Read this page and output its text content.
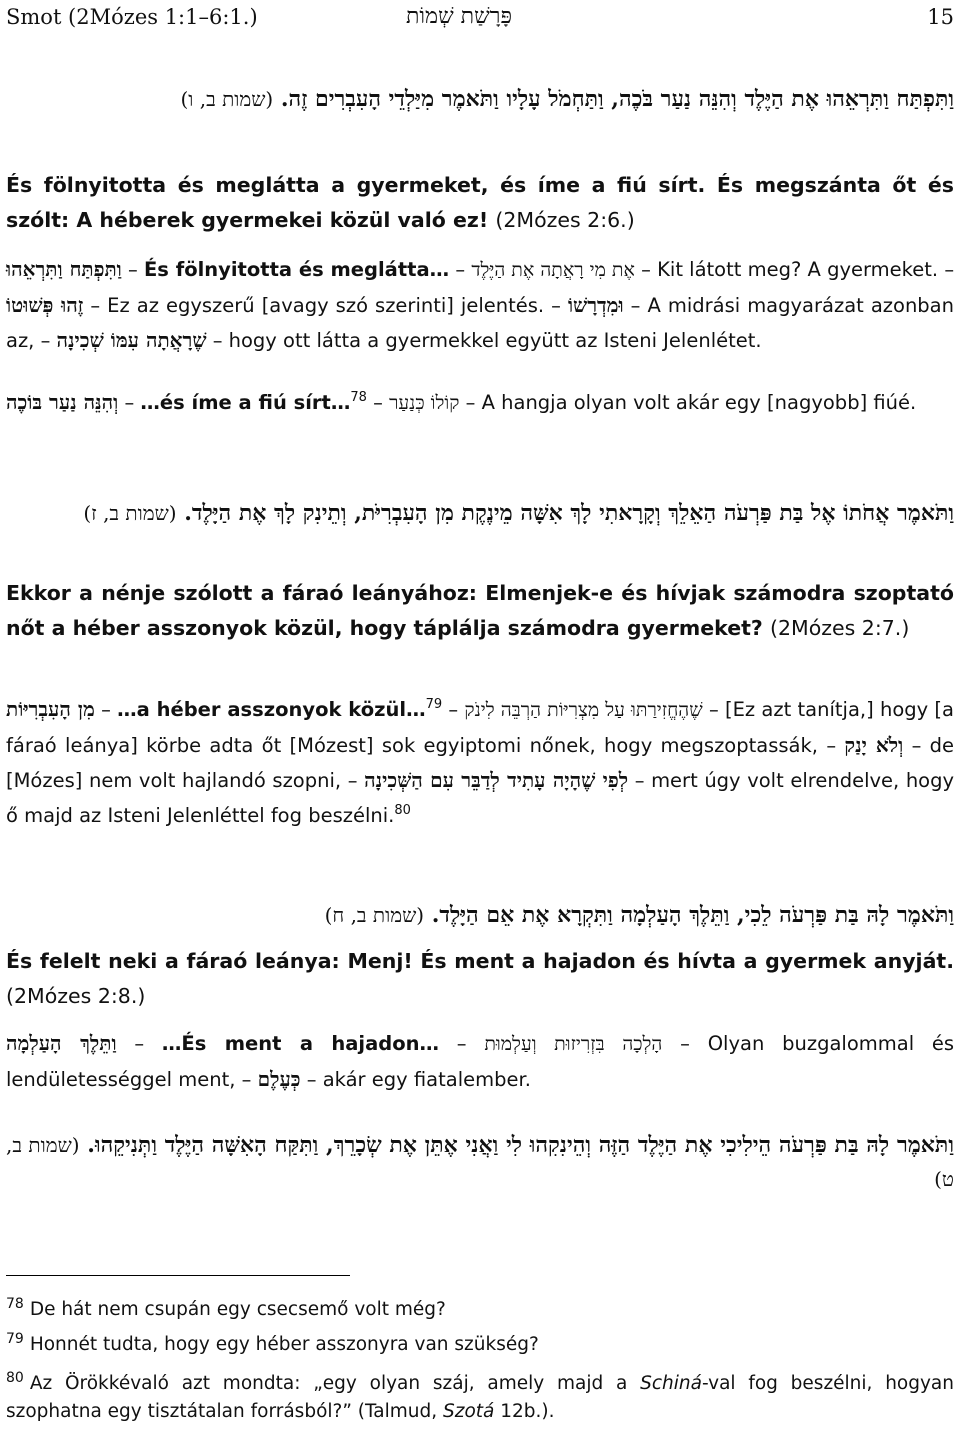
Smot (2Mózes 1:1–6:1.)	פָּרָשַׁת שְׁמוֹת	15
וַתִּפְתַּח וַתִּרְאֵהוּ אֶת הַיֶּלֶד וְהִנֵּה נַעַר בֹּכֶה, וַתַּחְמֹל עָלָיו וַתֹּאמֶר מִיַּלְדֵי הָעִבְרִים זֶה. (שמות ב, ו)
És fölnyitotta és meglátta a gyermeket, és íme a fiú sírt. És megszánta őt és szólt: A héberek gyermekei közül való ez! (2Mózes 2:6.)
וַתִּפְתַּח וַתִּרְאֵהוּ – És fölnyitotta és meglátta… – אֶת מִי רָאֲתָה אֶת הַיֶּלֶד – Kit látott meg? A gyermeket. – זֶהוּ פְּשׁוּטוֹ – Ez az egyszerű [avagy szó szerinti] jelentés. – וּמִדְרָשׁוֹ – A midrási magyarázat azonban az, – שֶׁרָאֲתָה עִמּוֹ שְׁכִינָה – hogy ott látta a gyermekkel együtt az Isteni Jelenlétet.
וְהִנֵּה נַעַר בּוֹכֶה – …és íme a fiú sírt…$^{78}$ – קוֹלוֹ כְּנַעַר – A hangja olyan volt akár egy [nagyobb] fiúé.
וַתֹּאמֶר אֲחֹתוֹ אֶל בַּת פַּרְעֹה הַאֵלֵךְ וְקָרָאתִי לָךְ אִשָּׁה מֵינֶקֶת מִן הָעִבְרִיֹּת, וְתֵינִק לָךְ אֶת הַיָּלֶד. (שמות ב, ז)
Ekkor a nénje szólott a fáraó leányához: Elmenjek-e és hívjak számodra szoptató nőt a héber asszonyok közül, hogy táplálja számodra gyermeket? (2Mózes 2:7.)
מִן הָעִבְרִיּוֹת – …a héber asszonyok közül…$^{79}$ – שֶׁהֶחֱזִירַתּוּ עַל מִצְרִיּוֹת הַרְבֵּה לִינֹק – [Ez azt tanítja,] hogy [a fáraó leánya] körbe adta őt [Mózest] sok egyiptomi nőnek, hogy megszoptassák, – וְלֹא יָנַק – de [Mózes] nem volt hajlandó szopni, – לְפִי שֶׁהָיָה עָתִיד לְדַבֵּר עִם הַשְּׁכִינָה – mert úgy volt elrendelve, hogy ő majd az Isteni Jelenléttel fog beszélni.$^{80}$
וַתֹּאמֶר לָהּ בַּת פַּרְעֹה לֵכִי, וַתֵּלֶךְ הָעַלְמָה וַתִּקְרָא אֶת אֵם הַיָּלֶד. (שמות ב, ח)
És felelt neki a fáraó leánya: Menj! És ment a hajadon és hívta a gyermek anyját. (2Mózes 2:8.)
וַתֵּלֶךְ הָעַלְמָה – …És ment a hajadon… – הָלְכָה בִּזְרִיזוּת וְעַלְמוּת – Olyan buzgalommal és lendületességgel ment, – כְּעֶלֶם – akár egy fiatalember.
וַתֹּאמֶר לָהּ בַּת פַּרְעֹה הֵילִיכִי אֶת הַיֶּלֶד הַזֶּה וְהֵינִקִהוּ לִי וַאֲנִי אֶתֵּן אֶת שְׂכָרֵךְ, וַתִּקַּח הָאִשָּׁה הַיֶּלֶד וַתְּנִיקֵהוּ. (שמות ב, ט)
$^{78}$ De hát nem csupán egy csecsemő volt még?
$^{79}$ Honnét tudta, hogy egy héber asszonyra van szükség?
$^{80}$ Az Örökkévaló azt mondta: „egy olyan száj, amely majd a Schiná-val fog beszélni, hogyan szophatna egy tisztátalan forrásból?” (Talmud, Szotá 12b.).
